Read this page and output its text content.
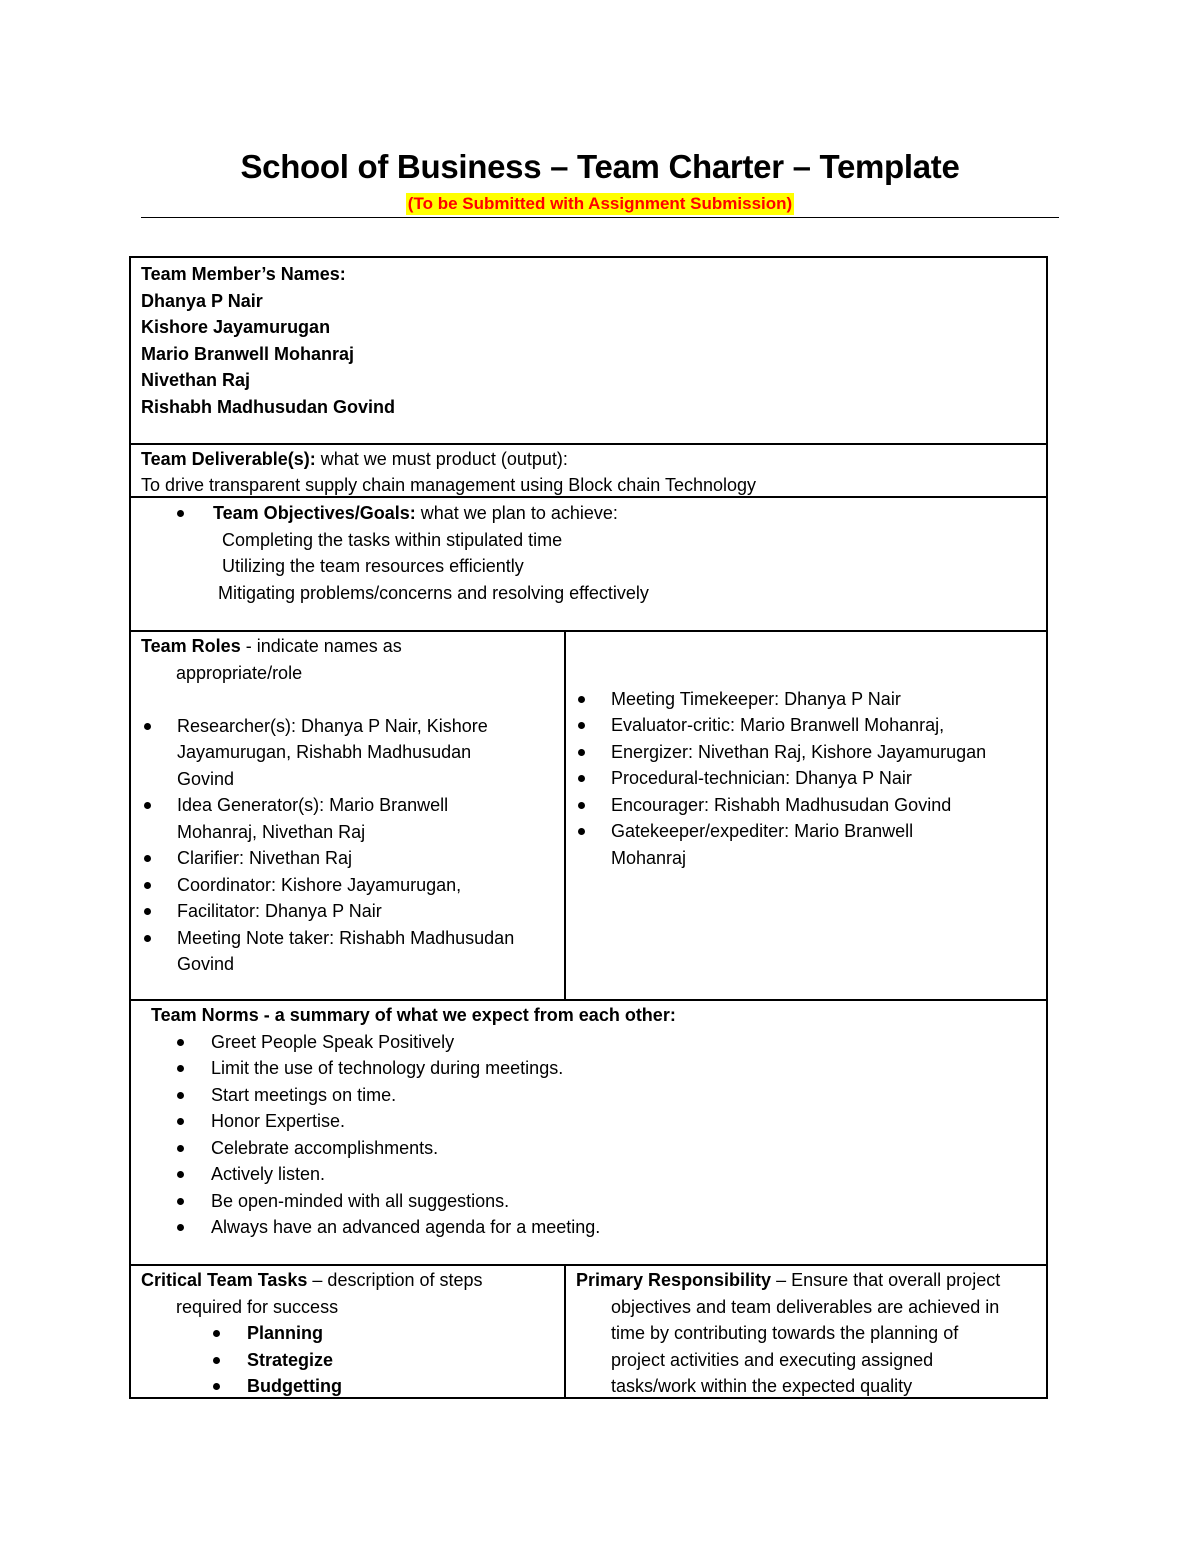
School of Business – Team Charter – Template
(To be Submitted with Assignment Submission)
Team Member’s Names:
Dhanya P Nair
Kishore Jayamurugan
Mario Branwell Mohanraj
Nivethan Raj
Rishabh Madhusudan Govind
Team Deliverable(s): what we must product (output):
To drive transparent supply chain management using Block chain Technology
Team Objectives/Goals: what we plan to achieve:
Completing the tasks within stipulated time
Utilizing the team resources efficiently
Mitigating problems/concerns and resolving effectively
Team Roles - indicate names as
appropriate/role

Researcher(s): Dhanya P Nair, Kishore
Jayamurugan, Rishabh Madhusudan
Govind
Idea Generator(s): Mario Branwell
Mohanraj, Nivethan Raj
Clarifier: Nivethan Raj
Coordinator: Kishore Jayamurugan,
Facilitator: Dhanya P Nair
Meeting Note taker: Rishabh Madhusudan
Govind

Meeting Timekeeper: Dhanya P Nair
Evaluator-critic: Mario Branwell Mohanraj,
Energizer: Nivethan Raj, Kishore Jayamurugan
Procedural-technician: Dhanya P Nair
Encourager: Rishabh Madhusudan Govind
Gatekeeper/expediter: Mario Branwell
Mohanraj
Team Norms - a summary of what we expect from each other:
Greet People Speak Positively
Limit the use of technology during meetings.
Start meetings on time.
Honor Expertise.
Celebrate accomplishments.
Actively listen.
Be open-minded with all suggestions.
Always have an advanced agenda for a meeting.
Critical Team Tasks – description of steps
required for success
Planning
Strategize
Budgetting
Primary Responsibility – Ensure that overall project
objectives and team deliverables are achieved in
time by contributing towards the planning of
project activities and executing assigned
tasks/work within the expected quality
